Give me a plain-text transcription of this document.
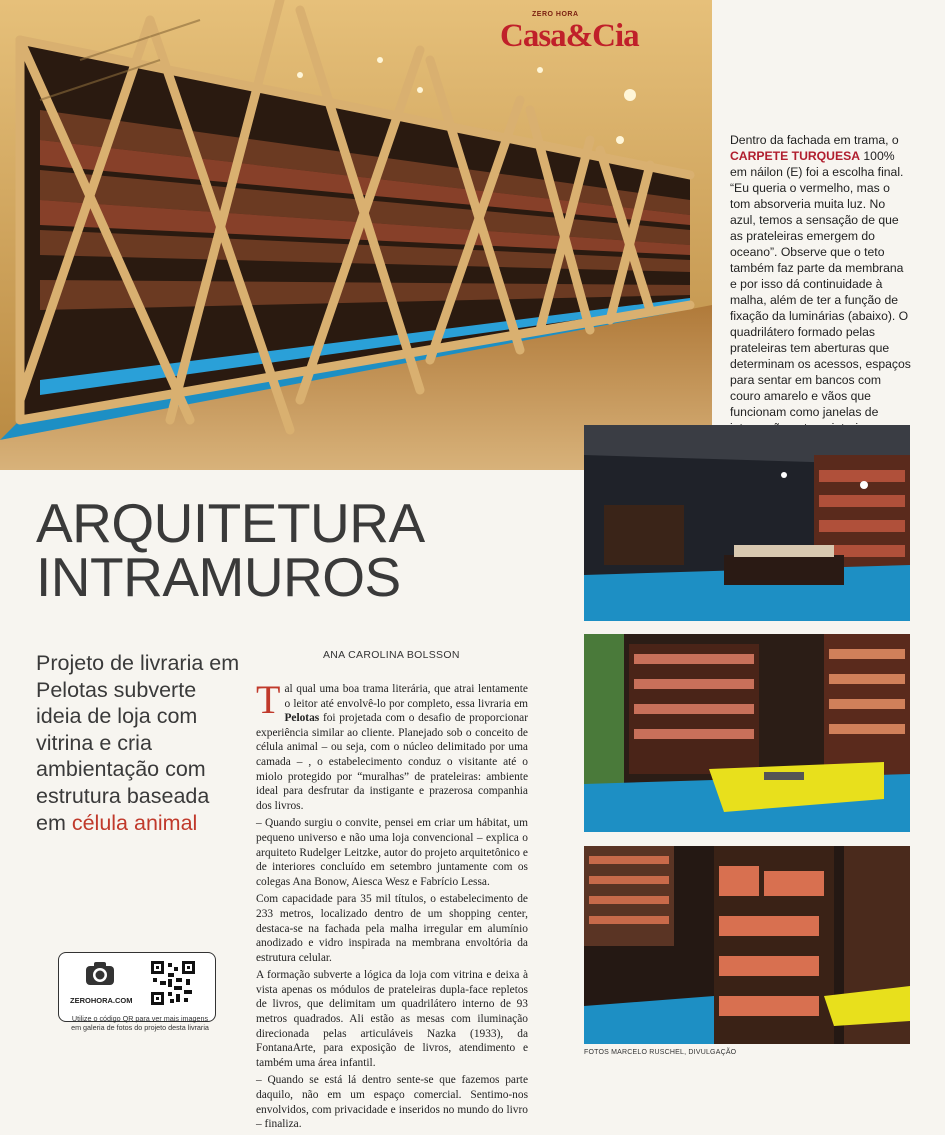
ZERO HORA
Casa&Cia
Dentro da fachada em trama, o CARPETE TURQUESA 100% em náilon (E) foi a escolha final. “Eu queria o vermelho, mas o tom absorveria muita luz. No azul, temos a sensação de que as prateleiras emergem do oceano”. Observe que o teto também faz parte da membrana e por isso dá continuidade à malha, além de ter a função de fixação da luminárias (abaixo). O quadrilátero formado pelas prateleiras tem aberturas que determinam os acessos, espaços para sentar em bancos com couro amarelo e vãos que funcionam como janelas de
FOTOS MARCELO RUSCHEL, DIVULGAÇÃO
ARQUITETURA
INTRAMUROS
Projeto de livraria em Pelotas subverte ideia de loja com vitrina e cria ambientação com estrutura baseada em célula animal
ANA CAROLINA BOLSSON

Tal qual uma boa trama literária, que atrai lentamente o leitor até envolvê-lo por completo, essa livraria em Pelotas foi projetada com o desafio de proporcionar experiência similar ao cliente. Planejado sob o conceito de célula animal – ou seja, com o núcleo delimitado por uma camada – , o estabelecimento conduz o visitante até o miolo protegido por “muralhas” de prateleiras: ambiente ideal para desfrutar da instigante e prazerosa companhia dos livros.

– Quando surgiu o convite, pensei em criar um hábitat, um pequeno universo e não uma loja convencional – explica o arquiteto Rudelger Leitzke, autor do projeto arquitetônico e de interiores concluído em setembro juntamente com os colegas Ana Bonow, Aiesca Wesz e Fabrício Lessa.

Com capacidade para 35 mil títulos, o estabelecimento de 233 metros, localizado dentro de um shopping center, destaca-se na fachada pela malha irregular em alumínio anodizado e vidro inspirada na membrana envoltória da estrutura celular.

A formação subverte a lógica da loja com vitrina e deixa à vista apenas os módulos de prateleiras dupla-face repletos de livros, que delimitam um quadrilátero interno de 93 metros quadrados. Ali estão as mesas com iluminação direcionada pelas articuláveis Nazka (1933), da FontanaArte, para exposição de livros, atendimento e também uma área infantil.

– Quando se está lá dentro sente-se que fazemos parte daquilo, não em um espaço comercial. Sentimo-nos envolvidos, com privacidade e inseridos no mundo do livro – finaliza.

ZEROHORA.COM
Utilize o código QR para ver mais imagens em galeria de fotos do projeto desta livraria
